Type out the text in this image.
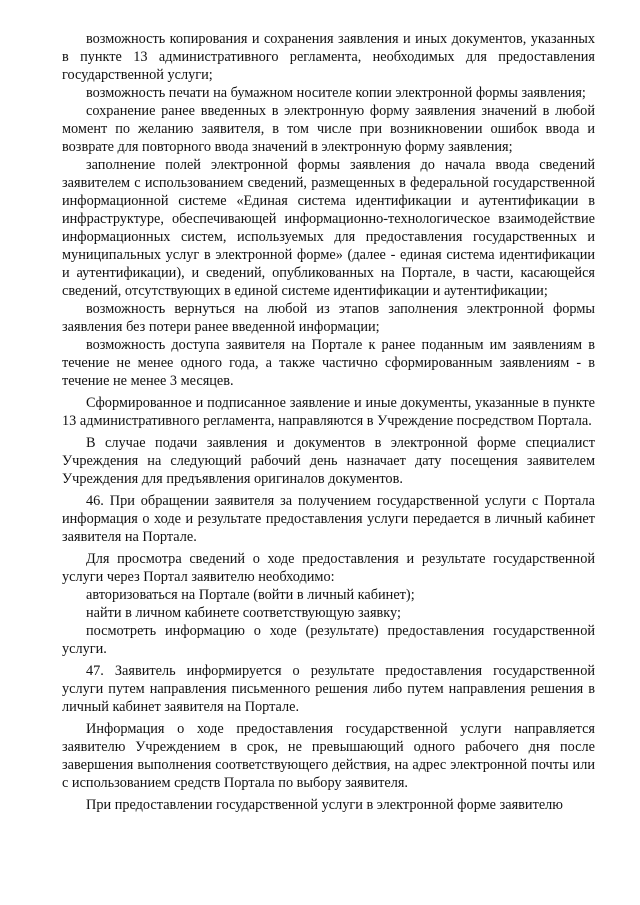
возможность копирования и сохранения заявления и иных документов, указанных в пункте 13 административного регламента, необходимых для предоставления государственной услуги;

возможность печати на бумажном носителе копии электронной формы заявления;

сохранение ранее введенных в электронную форму заявления значений в любой момент по желанию заявителя, в том числе при возникновении ошибок ввода и возврате для повторного ввода значений в электронную форму заявления;

заполнение полей электронной формы заявления до начала ввода сведений заявителем с использованием сведений, размещенных в федеральной государственной информационной системе «Единая система идентификации и аутентификации в инфраструктуре, обеспечивающей информационно-технологическое взаимодействие информационных систем, используемых для предоставления государственных и муниципальных услуг в электронной форме» (далее - единая система идентификации и аутентификации), и сведений, опубликованных на Портале, в части, касающейся сведений, отсутствующих в единой системе идентификации и аутентификации;

возможность вернуться на любой из этапов заполнения электронной формы заявления без потери ранее введенной информации;

возможность доступа заявителя на Портале к ранее поданным им заявлениям в течение не менее одного года, а также частично сформированным заявлениям - в течение не менее 3 месяцев.

Сформированное и подписанное заявление и иные документы, указанные в пункте 13 административного регламента, направляются в Учреждение посредством Портала.

В случае подачи заявления и документов в электронной форме специалист Учреждения на следующий рабочий день назначает дату посещения заявителем Учреждения для предъявления оригиналов документов.

46. При обращении заявителя за получением государственной услуги с Портала информация о ходе и результате предоставления услуги передается в личный кабинет заявителя на Портале.

Для просмотра сведений о ходе предоставления и результате государственной услуги через Портал заявителю необходимо:

авторизоваться на Портале (войти в личный кабинет);

найти в личном кабинете соответствующую заявку;

посмотреть информацию о ходе (результате) предоставления государственной услуги.

47. Заявитель информируется о результате предоставления государственной услуги путем направления письменного решения либо путем направления решения в личный кабинет заявителя на Портале.

Информация о ходе предоставления государственной услуги направляется заявителю Учреждением в срок, не превышающий одного рабочего дня после завершения выполнения соответствующего действия, на адрес электронной почты или с использованием средств Портала по выбору заявителя.

При предоставлении государственной услуги в электронной форме заявителю
